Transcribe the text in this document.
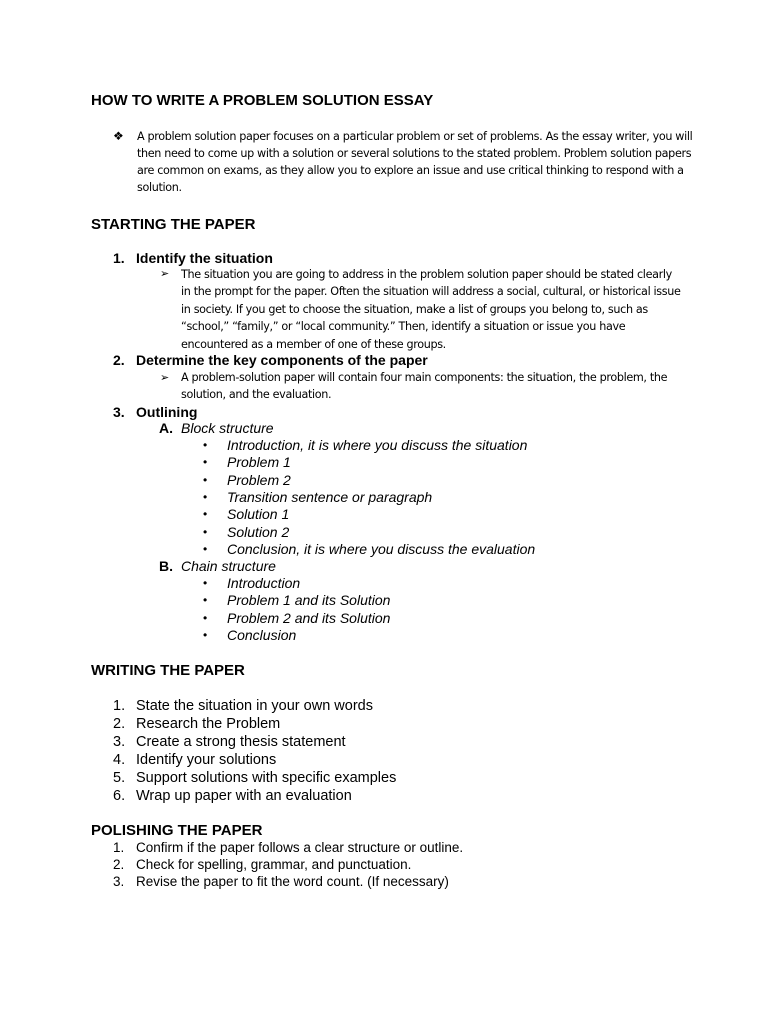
HOW TO WRITE A PROBLEM SOLUTION ESSAY
❖ A problem solution paper focuses on a particular problem or set of problems. As the essay writer, you will then need to come up with a solution or several solutions to the stated problem. Problem solution papers are common on exams, as they allow you to explore an issue and use critical thinking to respond with a solution.
STARTING THE PAPER
1. Identify the situation
➢ The situation you are going to address in the problem solution paper should be stated clearly in the prompt for the paper. Often the situation will address a social, cultural, or historical issue in society. If you get to choose the situation, make a list of groups you belong to, such as “school,” “family,” or “local community.” Then, identify a situation or issue you have encountered as a member of one of these groups.
2. Determine the key components of the paper
➢ A problem-solution paper will contain four main components: the situation, the problem, the solution, and the evaluation.
3. Outlining
A. Block structure
• Introduction, it is where you discuss the situation
• Problem 1
• Problem 2
• Transition sentence or paragraph
• Solution 1
• Solution 2
• Conclusion, it is where you discuss the evaluation
B. Chain structure
• Introduction
• Problem 1 and its Solution
• Problem 2 and its Solution
• Conclusion
WRITING THE PAPER
1. State the situation in your own words
2. Research the Problem
3. Create a strong thesis statement
4. Identify your solutions
5. Support solutions with specific examples
6. Wrap up paper with an evaluation
POLISHING THE PAPER
1. Confirm if the paper follows a clear structure or outline.
2. Check for spelling, grammar, and punctuation.
3. Revise the paper to fit the word count. (If necessary)
